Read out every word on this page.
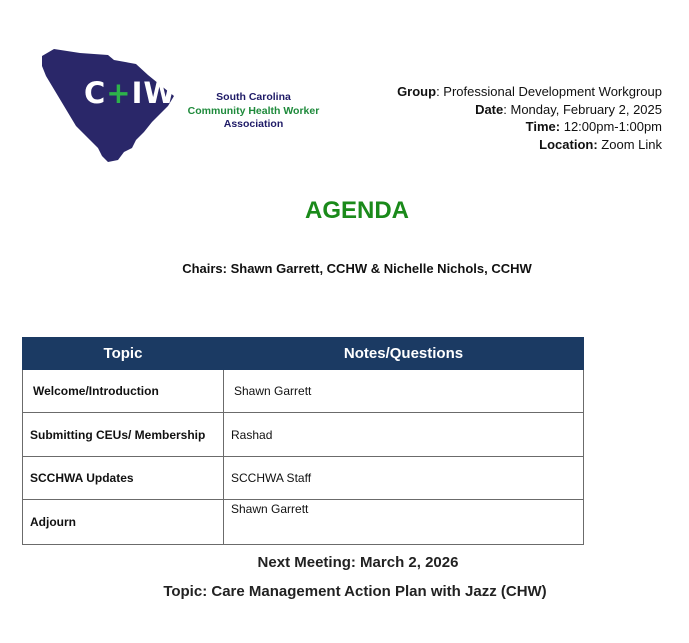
C+IW	South Carolina
Community Health Worker
Association
Group: Professional Development Workgroup
Date: Monday, February 2, 2025
Time: 12:00pm-1:00pm
Location: Zoom Link
AGENDA
Chairs: Shawn Garrett, CCHW & Nichelle Nichols, CCHW
Topic	Notes/Questions
Welcome/Introduction	Shawn Garrett
Submitting CEUs/ Membership	Rashad
SCCHWA Updates	SCCHWA Staff
Adjourn	Shawn Garrett
Next Meeting: March 2, 2026
Topic: Care Management Action Plan with Jazz (CHW)
